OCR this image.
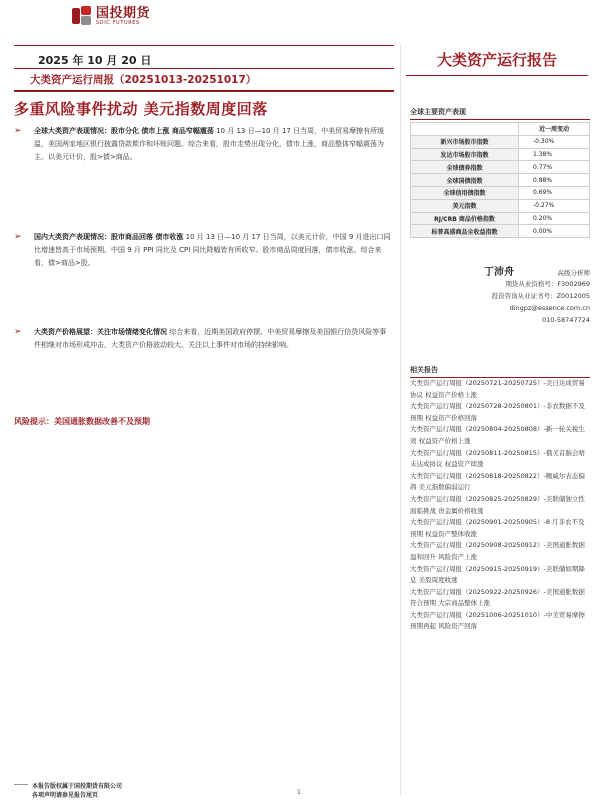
国投期货
SDIC FUTURES
2025 年 10 月 20 日
大类资产运行周报（20251013-20251017）
大类资产运行报告
多重风险事件扰动 美元指数周度回落
➢	全球大类资产表现情况：股市分化 债市上涨 商品窄幅震荡 10 月 13 日—10 月 17 日当周，中美贸易摩擦有所缓温，美国两家地区银行披露贷款欺诈和坏账问题。综合来看，股市走势出现分化，债市上涨，商品整体窄幅震荡为主。以美元计价，股>债>商品。
➢	国内大类资产表现情况：股市商品回落 债市收涨 10 月 13 日—10 月 17 日当周，以美元计价，中国 9 月进出口同比增速皆高于市场预期。中国 9 月 PPI 同比及 CPI 同比降幅皆有所收窄。股市商品周度回落，债市收涨。综合来看，债>商品>股。
➢	大类资产价格展望：关注市场情绪变化情况 综合来看，近期美国政府停摆、中美贸易摩擦及美国银行信贷风险等事件相继对市场形成冲击，大类资产价格波动较大。关注以上事件对市场的持续影响。
风险提示：美国通胀数据改善不及预期
全球主要资产表现
	近一周变动
新兴市场股市指数	-0.30%
发达市场股市指数	1.38%
全球债券指数	0.77%
全球国债指数	0.88%
全球信用债指数	0.69%
美元指数	-0.27%
RJ/CRB 商品价格指数	0.20%
标普高盛商品全收益指数	0.00%
丁沛舟	高级分析师
期货从业资格号：F3002969
投资咨询从业证书号：Z0012005
dingpz@essence.com.cn
010-58747724
相关报告
大类资产运行周报（20250721-20250725）-美日达成贸易协议 权益资产价格上涨
大类资产运行周报（20250728-20250801）-非农数据不及预期 权益资产价格回落
大类资产运行周报（20250804-20250808）-新一轮关税生效 权益资产价格上涨
大类资产运行周报（20250811-20250815）-俄美首脑会晤未达成协议 权益资产续涨
大类资产运行周报（20250818-20250822）-鲍威尔表态偏鸽 美元指数偏弱运行
大类资产运行周报（20250825-20250829）-美联储独立性面临挑战 贵金属价格收涨
大类资产运行周报（20250901-20250905）-8 月非农不及预期 权益资产整体收涨
大类资产运行周报（20250908-20250912）-美国通胀数据温和回升 风险资产上涨
大类资产运行周报（20250915-20250919）-美联储如期降息 美股周度收涨
大类资产运行周报（20250922-20250926）-美国通胀数据符合预期 大宗商品整体上涨
大类资产运行周报（20251006-20251010）-中美贸易摩擦预期再起 风险资产回落
本报告版权属于国投期货有限公司
各项声明请参见报告尾页	1
